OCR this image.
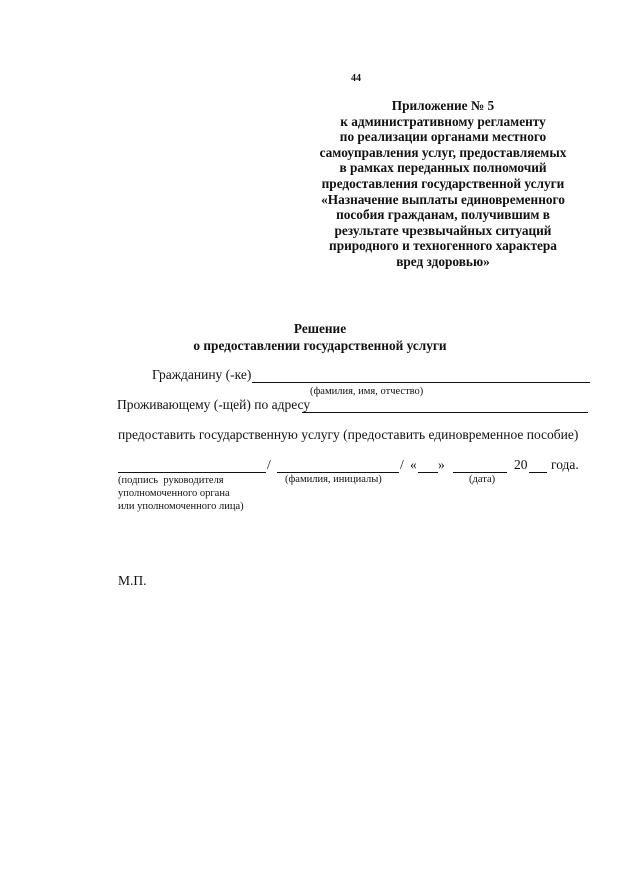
44
Приложение № 5
к административному регламенту
по реализации органами местного
самоуправления услуг, предоставляемых
в рамках переданных полномочий
предоставления государственной услуги
«Назначение выплаты единовременного
пособия гражданам, получившим в
результате чрезвычайных ситуаций
природного и техногенного характера
вред здоровью»
Решение
о предоставлении государственной услуги
Гражданину (-ке)
(фамилия, имя, отчество)
Проживающему (-щей) по адресу
предоставить государственную услугу (предоставить единовременное пособие)
/	/ « »	20 года.
(подпись  руководителя
уполномоченного органа
или уполномоченного лица)
(фамилия, инициалы)	(дата)
М.П.
